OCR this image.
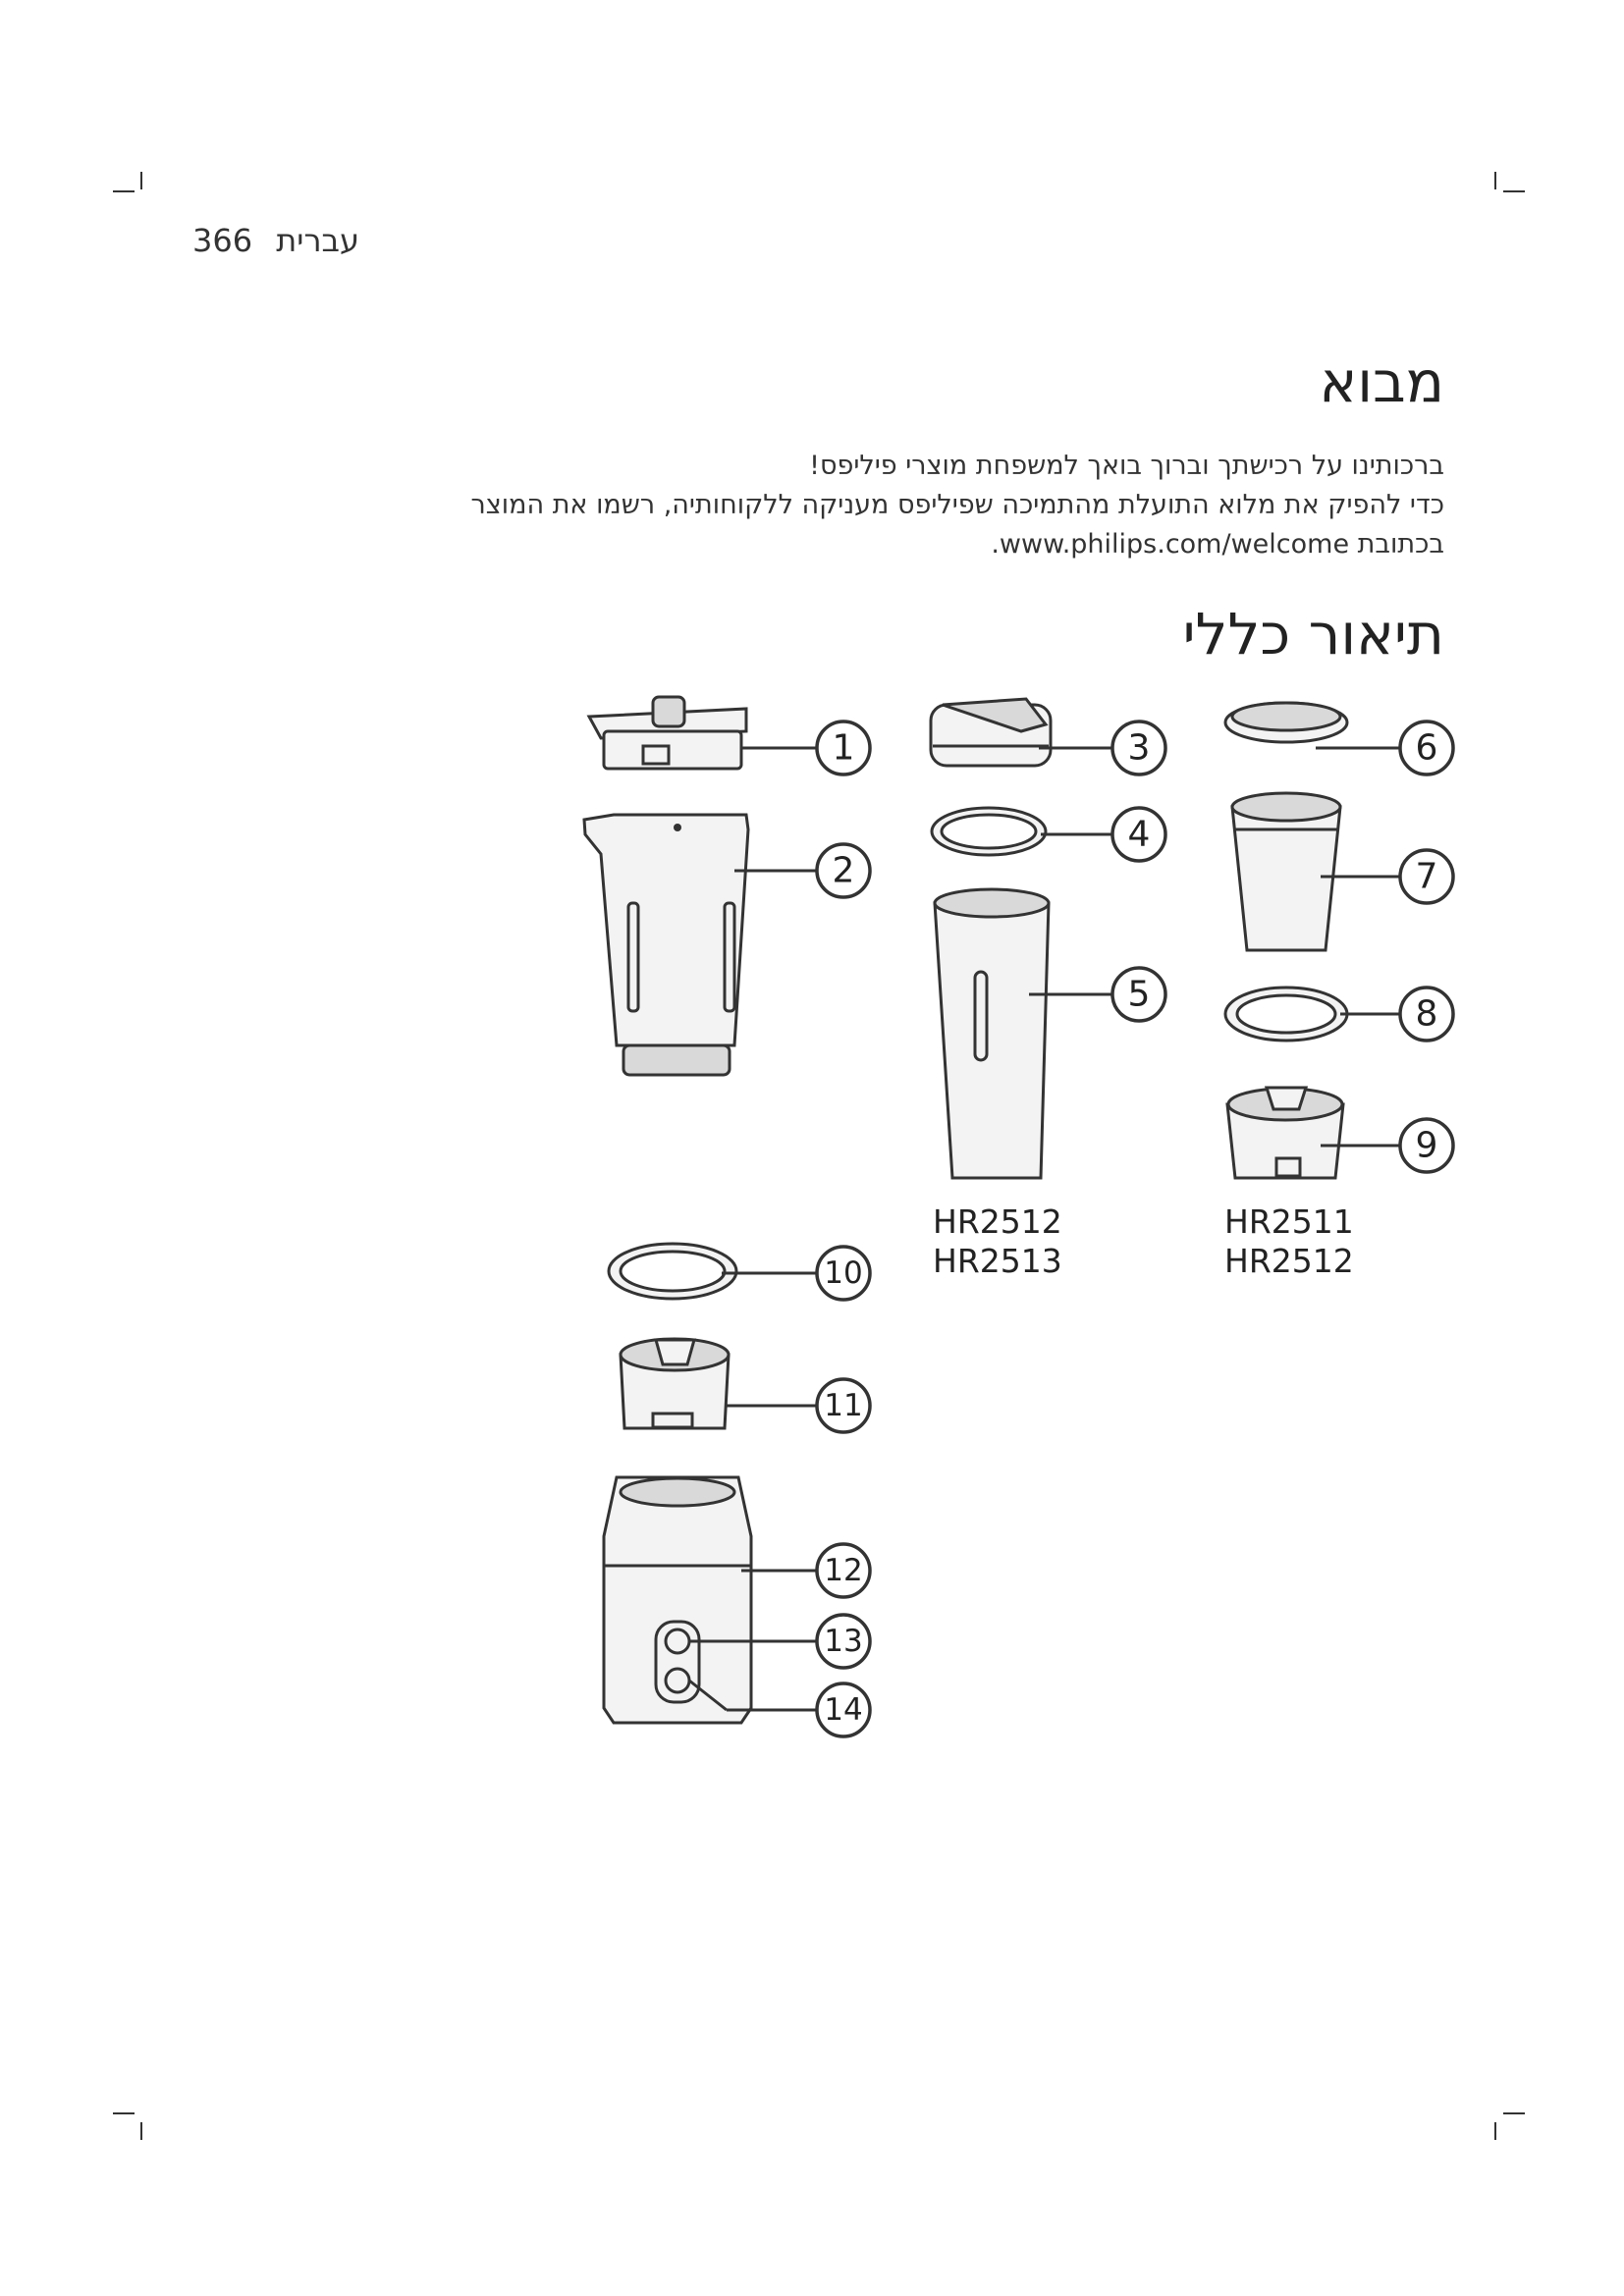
366 עברית
מבוא

ברכותינו על רכישתך וברוך בואך למשפחת מוצרי פיליפס!

כדי להפיק את מלוא התועלת מהתמיכה שפיליפס מעניקה ללקוחותיה, רשמו את המוצר

בכתובת www.philips.com/welcome.

תיאור כללי
1
2
3
4
5
6
7
8
9
10
11
12
13
14
HR2512
HR2513
HR2511
HR2512
